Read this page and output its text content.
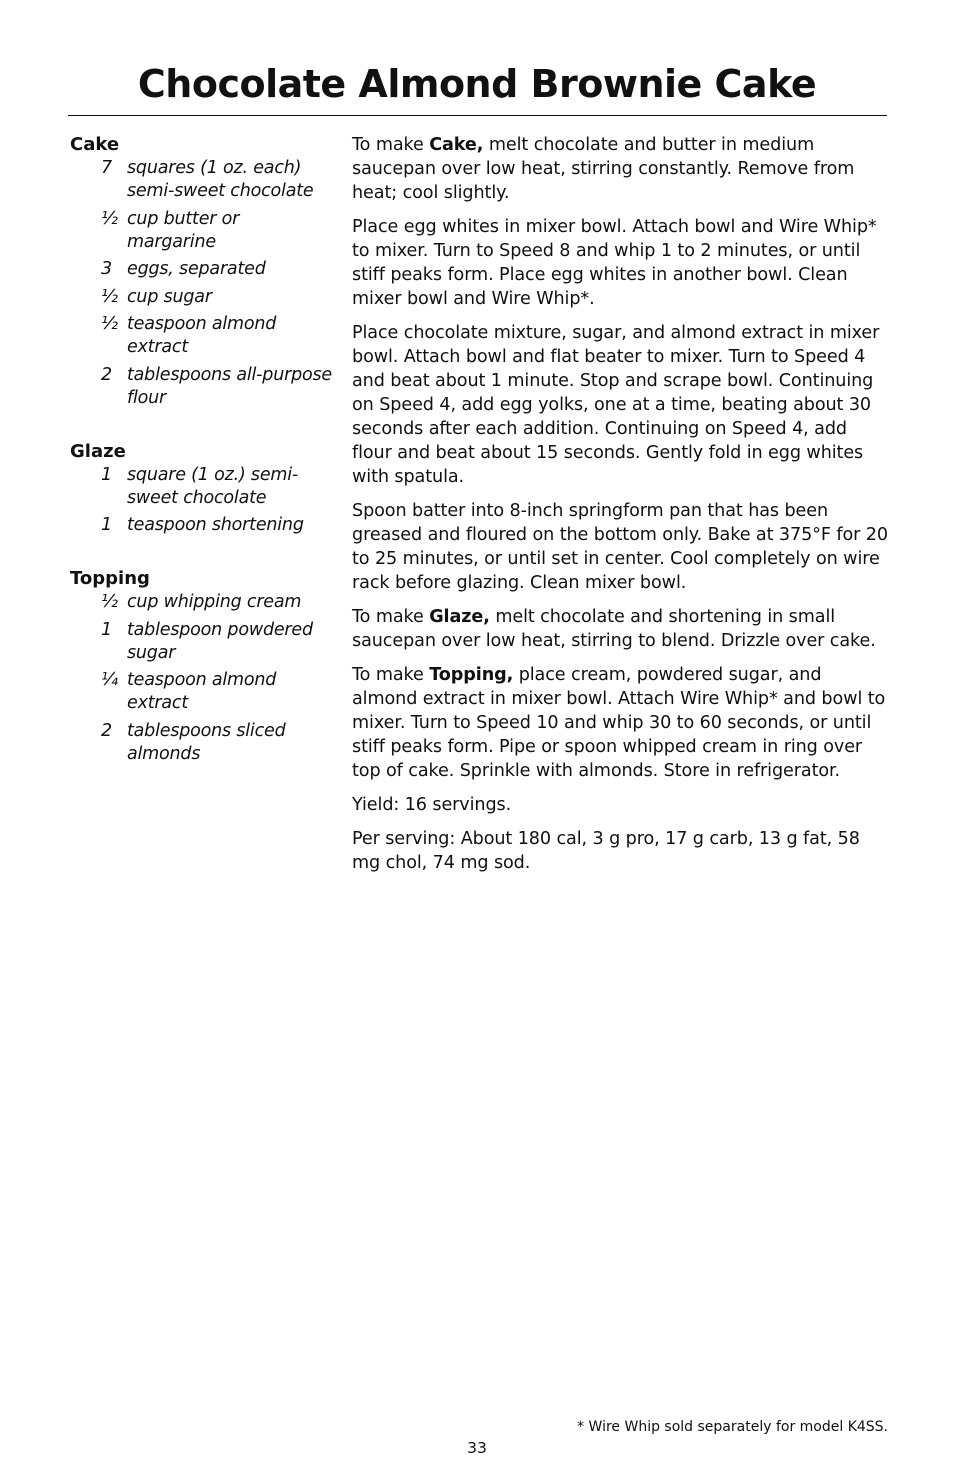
Chocolate Almond Brownie Cake
Cake
7 squares (1 oz. each) semi-sweet chocolate
½ cup butter or margarine
3 eggs, separated
½ cup sugar
½ teaspoon almond extract
2 tablespoons all-purpose flour
Glaze
1 square (1 oz.) semi-sweet chocolate
1 teaspoon shortening
Topping
½ cup whipping cream
1 tablespoon powdered sugar
¼ teaspoon almond extract
2 tablespoons sliced almonds

To make Cake, melt chocolate and butter in medium saucepan over low heat, stirring constantly. Remove from heat; cool slightly.

Place egg whites in mixer bowl. Attach bowl and Wire Whip* to mixer. Turn to Speed 8 and whip 1 to 2 minutes, or until stiff peaks form. Place egg whites in another bowl. Clean mixer bowl and Wire Whip*.

Place chocolate mixture, sugar, and almond extract in mixer bowl. Attach bowl and flat beater to mixer. Turn to Speed 4 and beat about 1 minute. Stop and scrape bowl. Continuing on Speed 4, add egg yolks, one at a time, beating about 30 seconds after each addition. Continuing on Speed 4, add flour and beat about 15 seconds. Gently fold in egg whites with spatula.

Spoon batter into 8-inch springform pan that has been greased and floured on the bottom only. Bake at 375°F for 20 to 25 minutes, or until set in center. Cool completely on wire rack before glazing. Clean mixer bowl.

To make Glaze, melt chocolate and shortening in small saucepan over low heat, stirring to blend. Drizzle over cake.

To make Topping, place cream, powdered sugar, and almond extract in mixer bowl. Attach Wire Whip* and bowl to mixer. Turn to Speed 10 and whip 30 to 60 seconds, or until stiff peaks form. Pipe or spoon whipped cream in ring over top of cake. Sprinkle with almonds. Store in refrigerator.

Yield: 16 servings.

Per serving: About 180 cal, 3 g pro, 17 g carb, 13 g fat, 58 mg chol, 74 mg sod.

* Wire Whip sold separately for model K4SS.
33
